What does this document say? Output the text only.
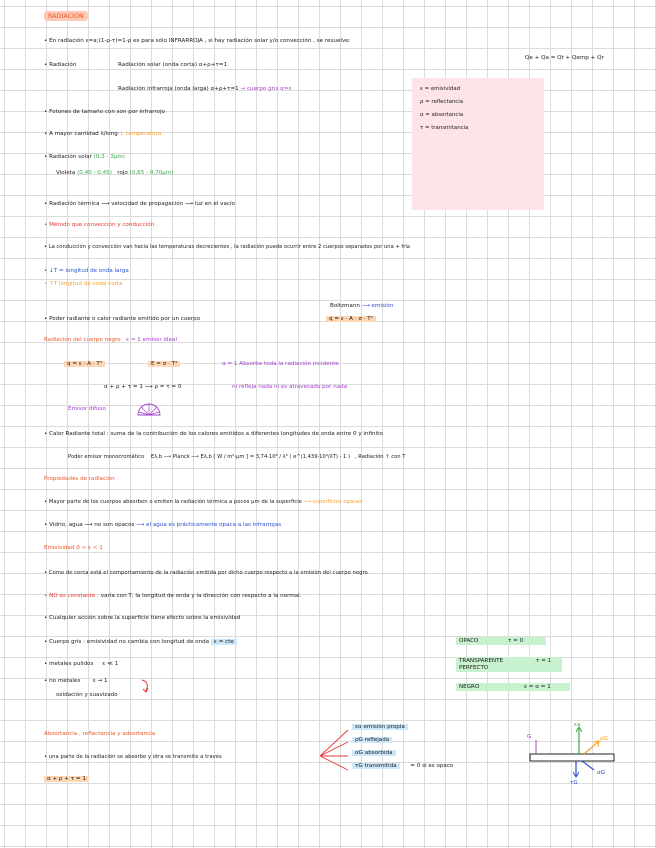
RADIACION
• En radiación ε=a;(1-ρ-τ)=1-ρ es para sólo INFRARROJA , si hay radiación solar y/o convección , se resuelve:
Qe + Qa = Qt + Qemp + Qr
• Radiación	Radiación solar (onda corta) α+ρ+τ=1
Radiación infrarroja (onda larga) α+ρ+τ=1 → cuerpo gris α=ε	ε = emisividad
ρ = reflectancia
α = absortancia
τ = transmitancia
• Fotones de tamaño con son por infrarrojo
• A mayor cantidad λ/long ↓ temperatura
• Radiación solar (0,3 - 3µm)
Violeta (0,40 - 0,45) rojo (0,65 - 0,70µm)
• Radiación térmica ⟶ velocidad de propagación ⟶ luz en el vacío
• Método que convección y conducción
• La conducción y convección van hacia las temperaturas decrecientes , la radiación puede ocurrir entre 2 cuerpos separados por una + fría
• ↓T = longitud de onda larga
• ↑T longitud de onda corta
Boltzmann ⟶ emisión
• Poder radiante o calor radiante emitido por un cuerpo	q = ε · A · σ · T⁴
Radiación del cuerpo negro ε = 1 emisor ideal
q = ε · A · T⁴	E = σ · T⁴	α = 1 Absorbe toda la radiación incidente
α + ρ + τ = 1 ⟶ ρ = τ = 0	ni refleja nada ni es atravesado por nada
Emisor difuso
• Calor Radiante total : suma de la contribución de los calores emitidos a diferentes longitudes de onda entre 0 y infinito
Poder emisor monocromático Eλ,b ⟶ Planck ⟶ Eλ,b [ W / m²·µm ] = 3,74·10⁸ / λ⁵ ( e^(1,439·10⁴/λT) - 1 ) , Radiación ↑ con T
Propiedades de radiación
• Mayor parte de los cuerpos absorben o emiten la radiación térmica a pocos µm de la superficie ⟶ superficies opacas
• Vidrio, agua ⟶ no son opacos ⟶ el agua es prácticamente opaca a las infrarrojas
Emisividad 0 < ε < 1
• Como de cerca está el comportamiento de la radiación emitida por dicho cuerpo respecto a la emisión del cuerpo negro
• NO es constante ; varía con T, la longitud de onda y la dirección con respecto a la normal.
• Cualquier acción sobre la superficie tiene efecto sobre la emisividad
• Cuerpo gris : emisividad no cambia con longitud de onda ε = cte
• metales pulidos ε ≪ 1
• no metales ε → 1
oxidación y suavizado
OPACO	τ = 0
TRANSPARENTE PERFECTO
τ = 1
NEGRO	ε = α = 1
Absortancia , reflectancia y adsortancia
• una parte de la radiación se absorbe y otra se transmite a través
εα emisión propia
ρG reflejada
αG absorbida
τG transmitida = 0 si es opaco
α + ρ + τ = 1
G
εa
ρG
τG
αG
